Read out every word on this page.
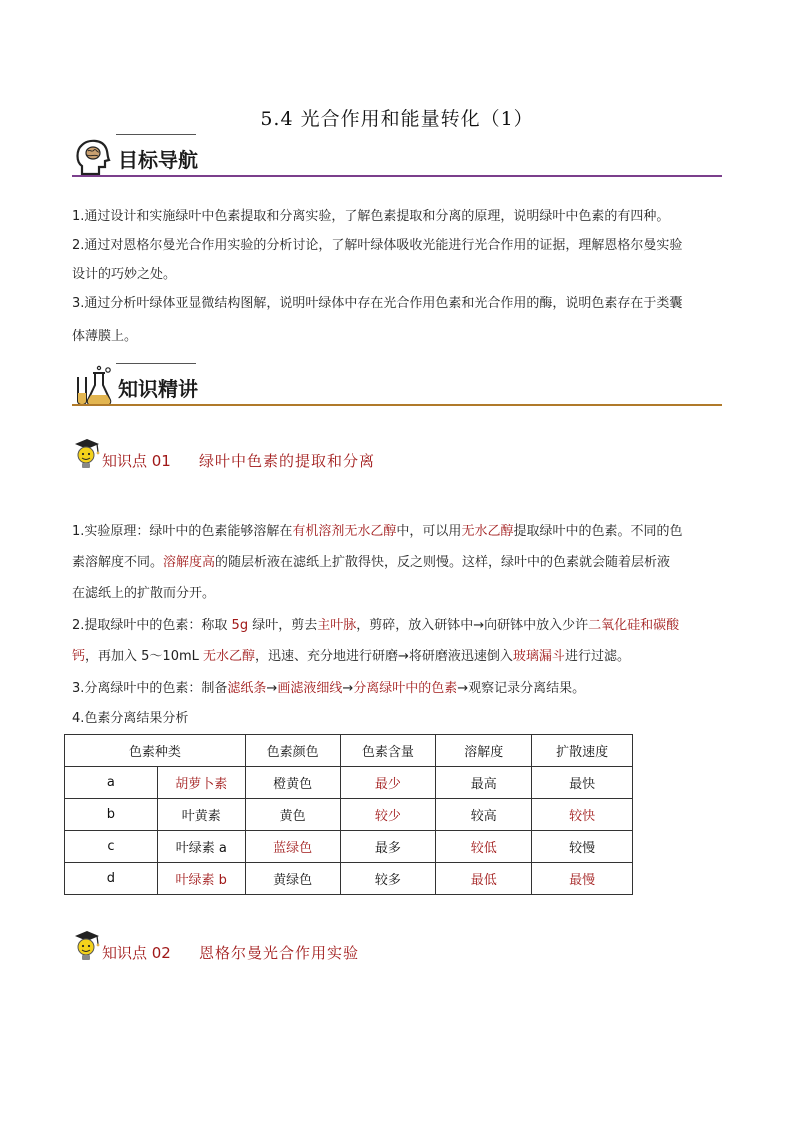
5.4 光合作用和能量转化（1）
目标导航
1.通过设计和实施绿叶中色素提取和分离实验，了解色素提取和分离的原理，说明绿叶中色素的有四种。
2.通过对恩格尔曼光合作用实验的分析讨论，了解叶绿体吸收光能进行光合作用的证据，理解恩格尔曼实验
设计的巧妙之处。
3.通过分析叶绿体亚显微结构图解，说明叶绿体中存在光合作用色素和光合作用的酶，说明色素存在于类囊
体薄膜上。
知识精讲
知识点 01 绿叶中色素的提取和分离
1.实验原理：绿叶中的色素能够溶解在有机溶剂无水乙醇中，可以用无水乙醇提取绿叶中的色素。不同的色
素溶解度不同。溶解度高的随层析液在滤纸上扩散得快，反之则慢。这样，绿叶中的色素就会随着层析液
在滤纸上的扩散而分开。
2.提取绿叶中的色素：称取 5g 绿叶，剪去主叶脉，剪碎，放入研钵中→向研钵中放入少许二氧化硅和碳酸
钙，再加入 5～10mL 无水乙醇，迅速、充分地进行研磨→将研磨液迅速倒入玻璃漏斗进行过滤。
3.分离绿叶中的色素：制备滤纸条→画滤液细线→分离绿叶中的色素→观察记录分离结果。
4.色素分离结果分析
色素种类		色素颜色	色素含量	溶解度	扩散速度
a	胡萝卜素	橙黄色	最少	最高	最快
b	叶黄素	黄色	较少	较高	较快
c	叶绿素 a	蓝绿色	最多	较低	较慢
d	叶绿素 b	黄绿色	较多	最低	最慢
知识点 02 恩格尔曼光合作用实验
